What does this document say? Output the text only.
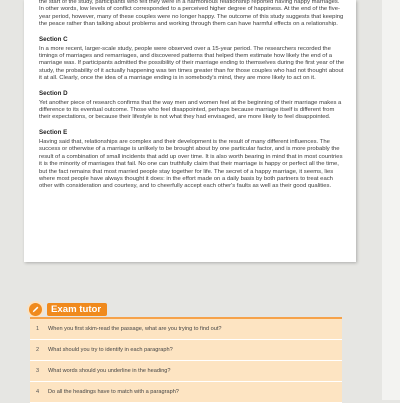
the start of the study, participants who felt they were in a harmonious relationship reported having happy marriages. In other words, low levels of conflict corresponded to a perceived higher degree of happiness. At the end of the five-year period, however, many of these couples were no longer happy. The outcome of this study suggests that keeping the peace rather than talking about problems and working through them can have harmful effects on a relationship.

Section C

In a more recent, larger-scale study, people were observed over a 15-year period. The researchers recorded the timings of marriages and remarriages, and discovered patterns that helped them estimate how likely the end of a marriage was. If participants admitted the possibility of their marriage ending to themselves during the first year of the study, the probability of it actually happening was ten times greater than for those couples who had not thought about it at all. Clearly, once the idea of a marriage ending is in somebody's mind, they are more likely to act on it.

Section D

Yet another piece of research confirms that the way men and women feel at the beginning of their marriage makes a difference to its eventual outcome. Those who feel disappointed, perhaps because marriage itself is different from their expectations, or because their lifestyle is not what they had envisaged, are more likely to feel disappointed.

Section E

Having said that, relationships are complex and their development is the result of many different influences. The success or otherwise of a marriage is unlikely to be brought about by one particular factor, and is more probably the result of a combination of small incidents that add up over time. It is also worth bearing in mind that in most countries it is the minority of marriages that fail. No one can truthfully claim that their marriage is happy or perfect all the time, but the fact remains that most married people stay together for life. The secret of a happy marriage, it seems, lies where most people have always thought it does: in the effort made on a daily basis by both partners to treat each other with consideration and courtesy, and to cheerfully accept each other's faults as well as their good qualities.

Exam tutor
1	When you first skim-read the passage, what are you trying to find out?
2	What should you try to identify in each paragraph?
3	What words should you underline in the heading?
4	Do all the headings have to match with a paragraph?
